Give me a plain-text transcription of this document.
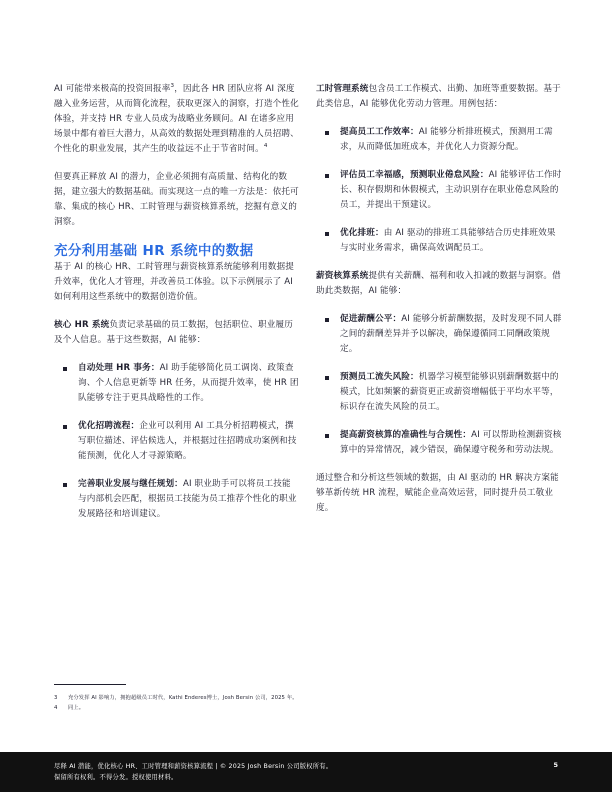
AI 可能带来极高的投资回报率$^3$，因此各 HR 团队应将 AI 深度融入业务运营，从而简化流程，获取更深入的洞察，打造个性化体验，并支持 HR 专业人员成为战略业务顾问。AI 在诸多应用场景中都有着巨大潜力，从高效的数据处理到精准的人员招聘、个性化的职业发展，其产生的收益远不止于节省时间。$^4$

但要真正释放 AI 的潜力，企业必须拥有高质量、结构化的数据，建立强大的数据基础。而实现这一点的唯一方法是：依托可靠、集成的核心 HR、工时管理与薪资核算系统，挖掘有意义的洞察。

充分利用基础 HR 系统中的数据

基于 AI 的核心 HR、工时管理与薪资核算系统能够利用数据提升效率，优化人才管理，并改善员工体验。以下示例展示了 AI 如何利用这些系统中的数据创造价值。

核心 HR 系统负责记录基础的员工数据，包括职位、职业履历及个人信息。基于这些数据，AI 能够：

自动处理 HR 事务：AI 助手能够简化员工调岗、政策查询、个人信息更新等 HR 任务，从而提升效率，使 HR 团队能够专注于更具战略性的工作。
优化招聘流程：企业可以利用 AI 工具分析招聘模式，撰写职位描述、评估候选人，并根据过往招聘成功案例和技能预测，优化人才寻源策略。
完善职业发展与继任规划：AI 职业助手可以将员工技能与内部机会匹配，根据员工技能为员工推荐个性化的职业发展路径和培训建议。

工时管理系统包含员工工作模式、出勤、加班等重要数据。基于此类信息，AI 能够优化劳动力管理。用例包括：

提高员工工作效率：AI 能够分析排班模式，预测用工需求，从而降低加班成本，并优化人力资源分配。
评估员工幸福感，预测职业倦怠风险：AI 能够评估工作时长、积存假期和休假模式，主动识别存在职业倦怠风险的员工，并提出干预建议。
优化排班：由 AI 驱动的排班工具能够结合历史排班效果与实时业务需求，确保高效调配员工。

薪资核算系统提供有关薪酬、福利和收入扣减的数据与洞察。借助此类数据，AI 能够：

促进薪酬公平：AI 能够分析薪酬数据，及时发现不同人群之间的薪酬差异并予以解决，确保遵循同工同酬政策规定。
预测员工流失风险：机器学习模型能够识别薪酬数据中的模式，比如频繁的薪资更正或薪资增幅低于平均水平等，标识存在流失风险的员工。
提高薪资核算的准确性与合规性：AI 可以帮助检测薪资核算中的异常情况，减少错误，确保遵守税务和劳动法规。

通过整合和分析这些领域的数据，由 AI 驱动的 HR 解决方案能够革新传统 HR 流程，赋能企业高效运营，同时提升员工敬业度。

3	充分发挥 AI 影响力，拥抱超级员工时代，Kathi Enderes博士，Josh Bersin 公司，2025 年。
4	同上。
尽释 AI 潜能，优化核心 HR、工时管理和薪资核算流程 | © 2025 Josh Bersin 公司版权所有。
保留所有权利。不得分发。授权使用材料。
5
